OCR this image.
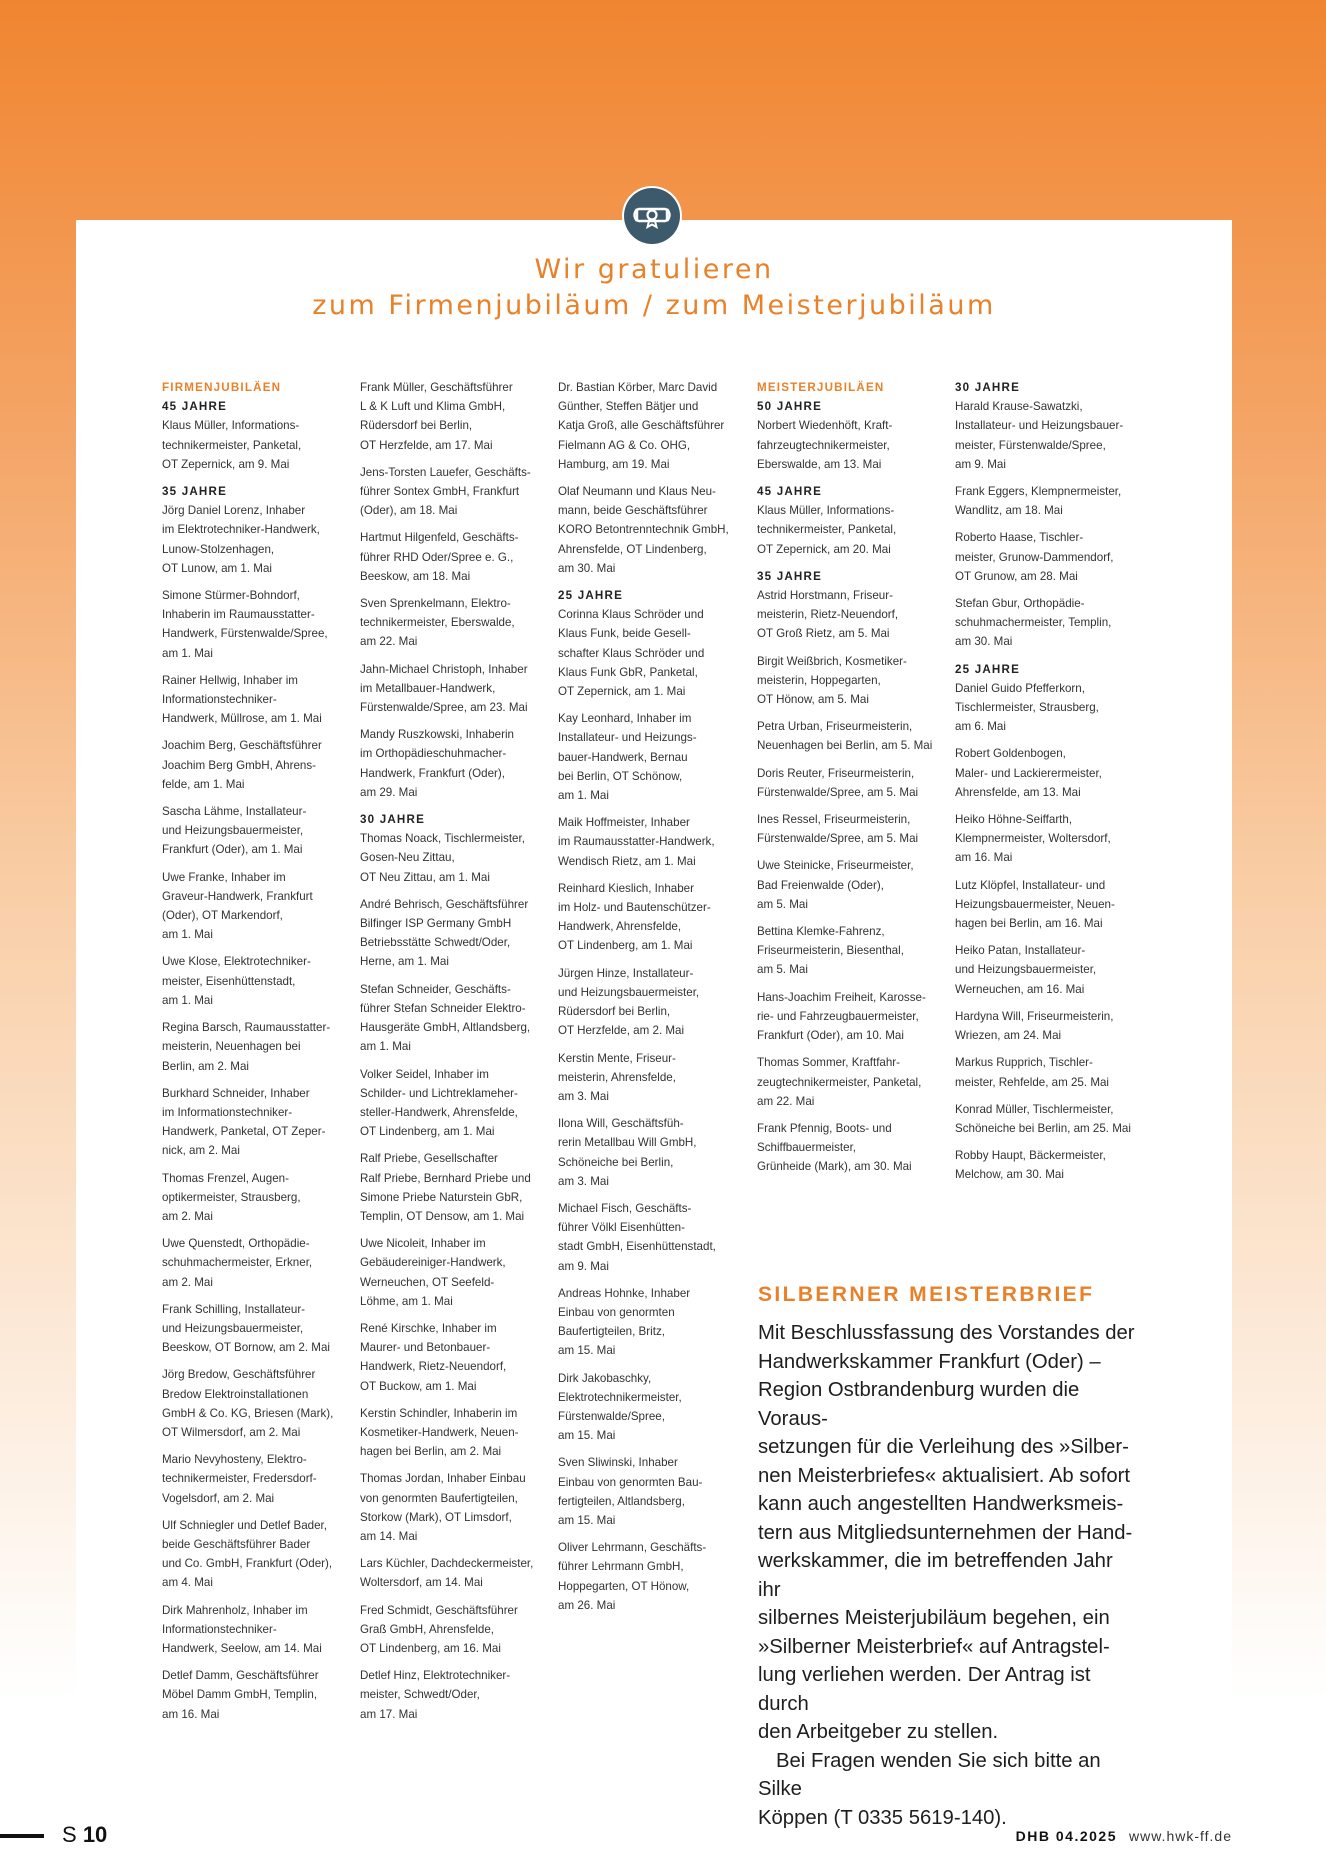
Wir gratulieren
zum Firmenjubiläum / zum Meisterjubiläum
FIRMENJUBILÄEN
45 JAHRE
Klaus Müller, Informations-
technikermeister, Panketal,
OT Zepernick, am 9. Mai
35 JAHRE
Jörg Daniel Lorenz, Inhaber
im Elektrotechniker-Handwerk,
Lunow-Stolzenhagen,
OT Lunow, am 1. Mai
Simone Stürmer-Bohndorf,
Inhaberin im Raumausstatter-
Handwerk, Fürstenwalde/Spree,
am 1. Mai
Rainer Hellwig, Inhaber im
Informationstechniker-
Handwerk, Müllrose, am 1. Mai
Joachim Berg, Geschäftsführer
Joachim Berg GmbH, Ahrens-
felde, am 1. Mai
Sascha Lähme, Installateur-
und Heizungsbauermeister,
Frankfurt (Oder), am 1. Mai
Uwe Franke, Inhaber im
Graveur-Handwerk, Frankfurt
(Oder), OT Markendorf,
am 1. Mai
Uwe Klose, Elektrotechniker-
meister, Eisenhüttenstadt,
am 1. Mai
Regina Barsch, Raumausstatter-
meisterin, Neuenhagen bei
Berlin, am 2. Mai
Burkhard Schneider, Inhaber
im Informationstechniker-
Handwerk, Panketal, OT Zeper-
nick, am 2. Mai
Thomas Frenzel, Augen-
optikermeister, Strausberg,
am 2. Mai
Uwe Quenstedt, Orthopädie-
schuhmachermeister, Erkner,
am 2. Mai
Frank Schilling, Installateur-
und Heizungsbauermeister,
Beeskow, OT Bornow, am 2. Mai
Jörg Bredow, Geschäftsführer
Bredow Elektroinstallationen
GmbH & Co. KG, Briesen (Mark),
OT Wilmersdorf, am 2. Mai
Mario Nevyhosteny, Elektro-
technikermeister, Fredersdorf-
Vogelsdorf, am 2. Mai
Ulf Schniegler und Detlef Bader,
beide Geschäftsführer Bader
und Co. GmbH, Frankfurt (Oder),
am 4. Mai
Dirk Mahrenholz, Inhaber im
Informationstechniker-
Handwerk, Seelow, am 14. Mai
Detlef Damm, Geschäftsführer
Möbel Damm GmbH, Templin,
am 16. Mai
Frank Müller, Geschäftsführer
L & K Luft und Klima GmbH,
Rüdersdorf bei Berlin,
OT Herzfelde, am 17. Mai
Jens-Torsten Lauefer, Geschäfts-
führer Sontex GmbH, Frankfurt
(Oder), am 18. Mai
Hartmut Hilgenfeld, Geschäfts-
führer RHD Oder/Spree e. G.,
Beeskow, am 18. Mai
Sven Sprenkelmann, Elektro-
technikermeister, Eberswalde,
am 22. Mai
Jahn-Michael Christoph, Inhaber
im Metallbauer-Handwerk,
Fürstenwalde/Spree, am 23. Mai
Mandy Ruszkowski, Inhaberin
im Orthopädieschuhmacher-
Handwerk, Frankfurt (Oder),
am 29. Mai
30 JAHRE
Thomas Noack, Tischlermeister,
Gosen-Neu Zittau,
OT Neu Zittau, am 1. Mai
André Behrisch, Geschäftsführer
Bilfinger ISP Germany GmbH
Betriebsstätte Schwedt/Oder,
Herne, am 1. Mai
Stefan Schneider, Geschäfts-
führer Stefan Schneider Elektro-
Hausgeräte GmbH, Altlandsberg,
am 1. Mai
Volker Seidel, Inhaber im
Schilder- und Lichtreklameher-
steller-Handwerk, Ahrensfelde,
OT Lindenberg, am 1. Mai
Ralf Priebe, Gesellschafter
Ralf Priebe, Bernhard Priebe und
Simone Priebe Naturstein GbR,
Templin, OT Densow, am 1. Mai
Uwe Nicoleit, Inhaber im
Gebäudereiniger-Handwerk,
Werneuchen, OT Seefeld-
Löhme, am 1. Mai
René Kirschke, Inhaber im
Maurer- und Betonbauer-
Handwerk, Rietz-Neuendorf,
OT Buckow, am 1. Mai
Kerstin Schindler, Inhaberin im
Kosmetiker-Handwerk, Neuen-
hagen bei Berlin, am 2. Mai
Thomas Jordan, Inhaber Einbau
von genormten Baufertigteilen,
Storkow (Mark), OT Limsdorf,
am 14. Mai
Lars Küchler, Dachdeckermeister,
Woltersdorf, am 14. Mai
Fred Schmidt, Geschäftsführer
Graß GmbH, Ahrensfelde,
OT Lindenberg, am 16. Mai
Detlef Hinz, Elektrotechniker-
meister, Schwedt/Oder,
am 17. Mai
Dr. Bastian Körber, Marc David
Günther, Steffen Bätjer und
Katja Groß, alle Geschäftsführer
Fielmann AG & Co. OHG,
Hamburg, am 19. Mai
Olaf Neumann und Klaus Neu-
mann, beide Geschäftsführer
KORO Betontrenntechnik GmbH,
Ahrensfelde, OT Lindenberg,
am 30. Mai
25 JAHRE
Corinna Klaus Schröder und
Klaus Funk, beide Gesell-
schafter Klaus Schröder und
Klaus Funk GbR, Panketal,
OT Zepernick, am 1. Mai
Kay Leonhard, Inhaber im
Installateur- und Heizungs-
bauer-Handwerk, Bernau
bei Berlin, OT Schönow,
am 1. Mai
Maik Hoffmeister, Inhaber
im Raumausstatter-Handwerk,
Wendisch Rietz, am 1. Mai
Reinhard Kieslich, Inhaber
im Holz- und Bautenschützer-
Handwerk, Ahrensfelde,
OT Lindenberg, am 1. Mai
Jürgen Hinze, Installateur-
und Heizungsbauermeister,
Rüdersdorf bei Berlin,
OT Herzfelde, am 2. Mai
Kerstin Mente, Friseur-
meisterin, Ahrensfelde,
am 3. Mai
Ilona Will, Geschäftsfüh-
rerin Metallbau Will GmbH,
Schöneiche bei Berlin,
am 3. Mai
Michael Fisch, Geschäfts-
führer Völkl Eisenhütten-
stadt GmbH, Eisenhüttenstadt,
am 9. Mai
Andreas Hohnke, Inhaber
Einbau von genormten
Baufertigteilen, Britz,
am 15. Mai
Dirk Jakobaschky,
Elektrotechnikermeister,
Fürstenwalde/Spree,
am 15. Mai
Sven Sliwinski, Inhaber
Einbau von genormten Bau-
fertigteilen, Altlandsberg,
am 15. Mai
Oliver Lehrmann, Geschäfts-
führer Lehrmann GmbH,
Hoppegarten, OT Hönow,
am 26. Mai
MEISTERJUBILÄEN
50 JAHRE
Norbert Wiedenhöft, Kraft-
fahrzeugtechnikermeister,
Eberswalde, am 13. Mai
45 JAHRE
Klaus Müller, Informations-
technikermeister, Panketal,
OT Zepernick, am 20. Mai
35 JAHRE
Astrid Horstmann, Friseur-
meisterin, Rietz-Neuendorf,
OT Groß Rietz, am 5. Mai
Birgit Weißbrich, Kosmetiker-
meisterin, Hoppegarten,
OT Hönow, am 5. Mai
Petra Urban, Friseurmeisterin,
Neuenhagen bei Berlin, am 5. Mai
Doris Reuter, Friseurmeisterin,
Fürstenwalde/Spree, am 5. Mai
Ines Ressel, Friseurmeisterin,
Fürstenwalde/Spree, am 5. Mai
Uwe Steinicke, Friseurmeister,
Bad Freienwalde (Oder),
am 5. Mai
Bettina Klemke-Fahrenz,
Friseurmeisterin, Biesenthal,
am 5. Mai
Hans-Joachim Freiheit, Karosse-
rie- und Fahrzeugbauermeister,
Frankfurt (Oder), am 10. Mai
Thomas Sommer, Kraftfahr-
zeugtechnikermeister, Panketal,
am 22. Mai
Frank Pfennig, Boots- und
Schiffbauermeister,
Grünheide (Mark), am 30. Mai
30 JAHRE
Harald Krause-Sawatzki,
Installateur- und Heizungsbauer-
meister, Fürstenwalde/Spree,
am 9. Mai
Frank Eggers, Klempnermeister,
Wandlitz, am 18. Mai
Roberto Haase, Tischler-
meister, Grunow-Dammendorf,
OT Grunow, am 28. Mai
Stefan Gbur, Orthopädie-
schuhmachermeister, Templin,
am 30. Mai
25 JAHRE
Daniel Guido Pfefferkorn,
Tischlermeister, Strausberg,
am 6. Mai
Robert Goldenbogen,
Maler- und Lackierermeister,
Ahrensfelde, am 13. Mai
Heiko Höhne-Seiffarth,
Klempnermeister, Woltersdorf,
am 16. Mai
Lutz Klöpfel, Installateur- und
Heizungsbauermeister, Neuen-
hagen bei Berlin, am 16. Mai
Heiko Patan, Installateur-
und Heizungsbauermeister,
Werneuchen, am 16. Mai
Hardyna Will, Friseurmeisterin,
Wriezen, am 24. Mai
Markus Rupprich, Tischler-
meister, Rehfelde, am 25. Mai
Konrad Müller, Tischlermeister,
Schöneiche bei Berlin, am 25. Mai
Robby Haupt, Bäckermeister,
Melchow, am 30. Mai
SILBERNER MEISTERBRIEF

Mit Beschlussfassung des Vorstandes der
Handwerkskammer Frankfurt (Oder) –
Region Ostbrandenburg wurden die Voraus-
setzungen für die Verleihung des »Silber-
nen Meisterbriefes« aktualisiert. Ab sofort
kann auch angestellten Handwerksmeis-
tern aus Mitgliedsunternehmen der Hand-
werkskammer, die im betreffenden Jahr ihr
silbernes Meisterjubiläum begehen, ein
»Silberner Meisterbrief« auf Antragstel-
lung verliehen werden. Der Antrag ist durch
den Arbeitgeber zu stellen.

Bei Fragen wenden Sie sich bitte an Silke
Köppen (T 0335 5619-140).

S 10	DHB 04.2025 www.hwk-ff.de
